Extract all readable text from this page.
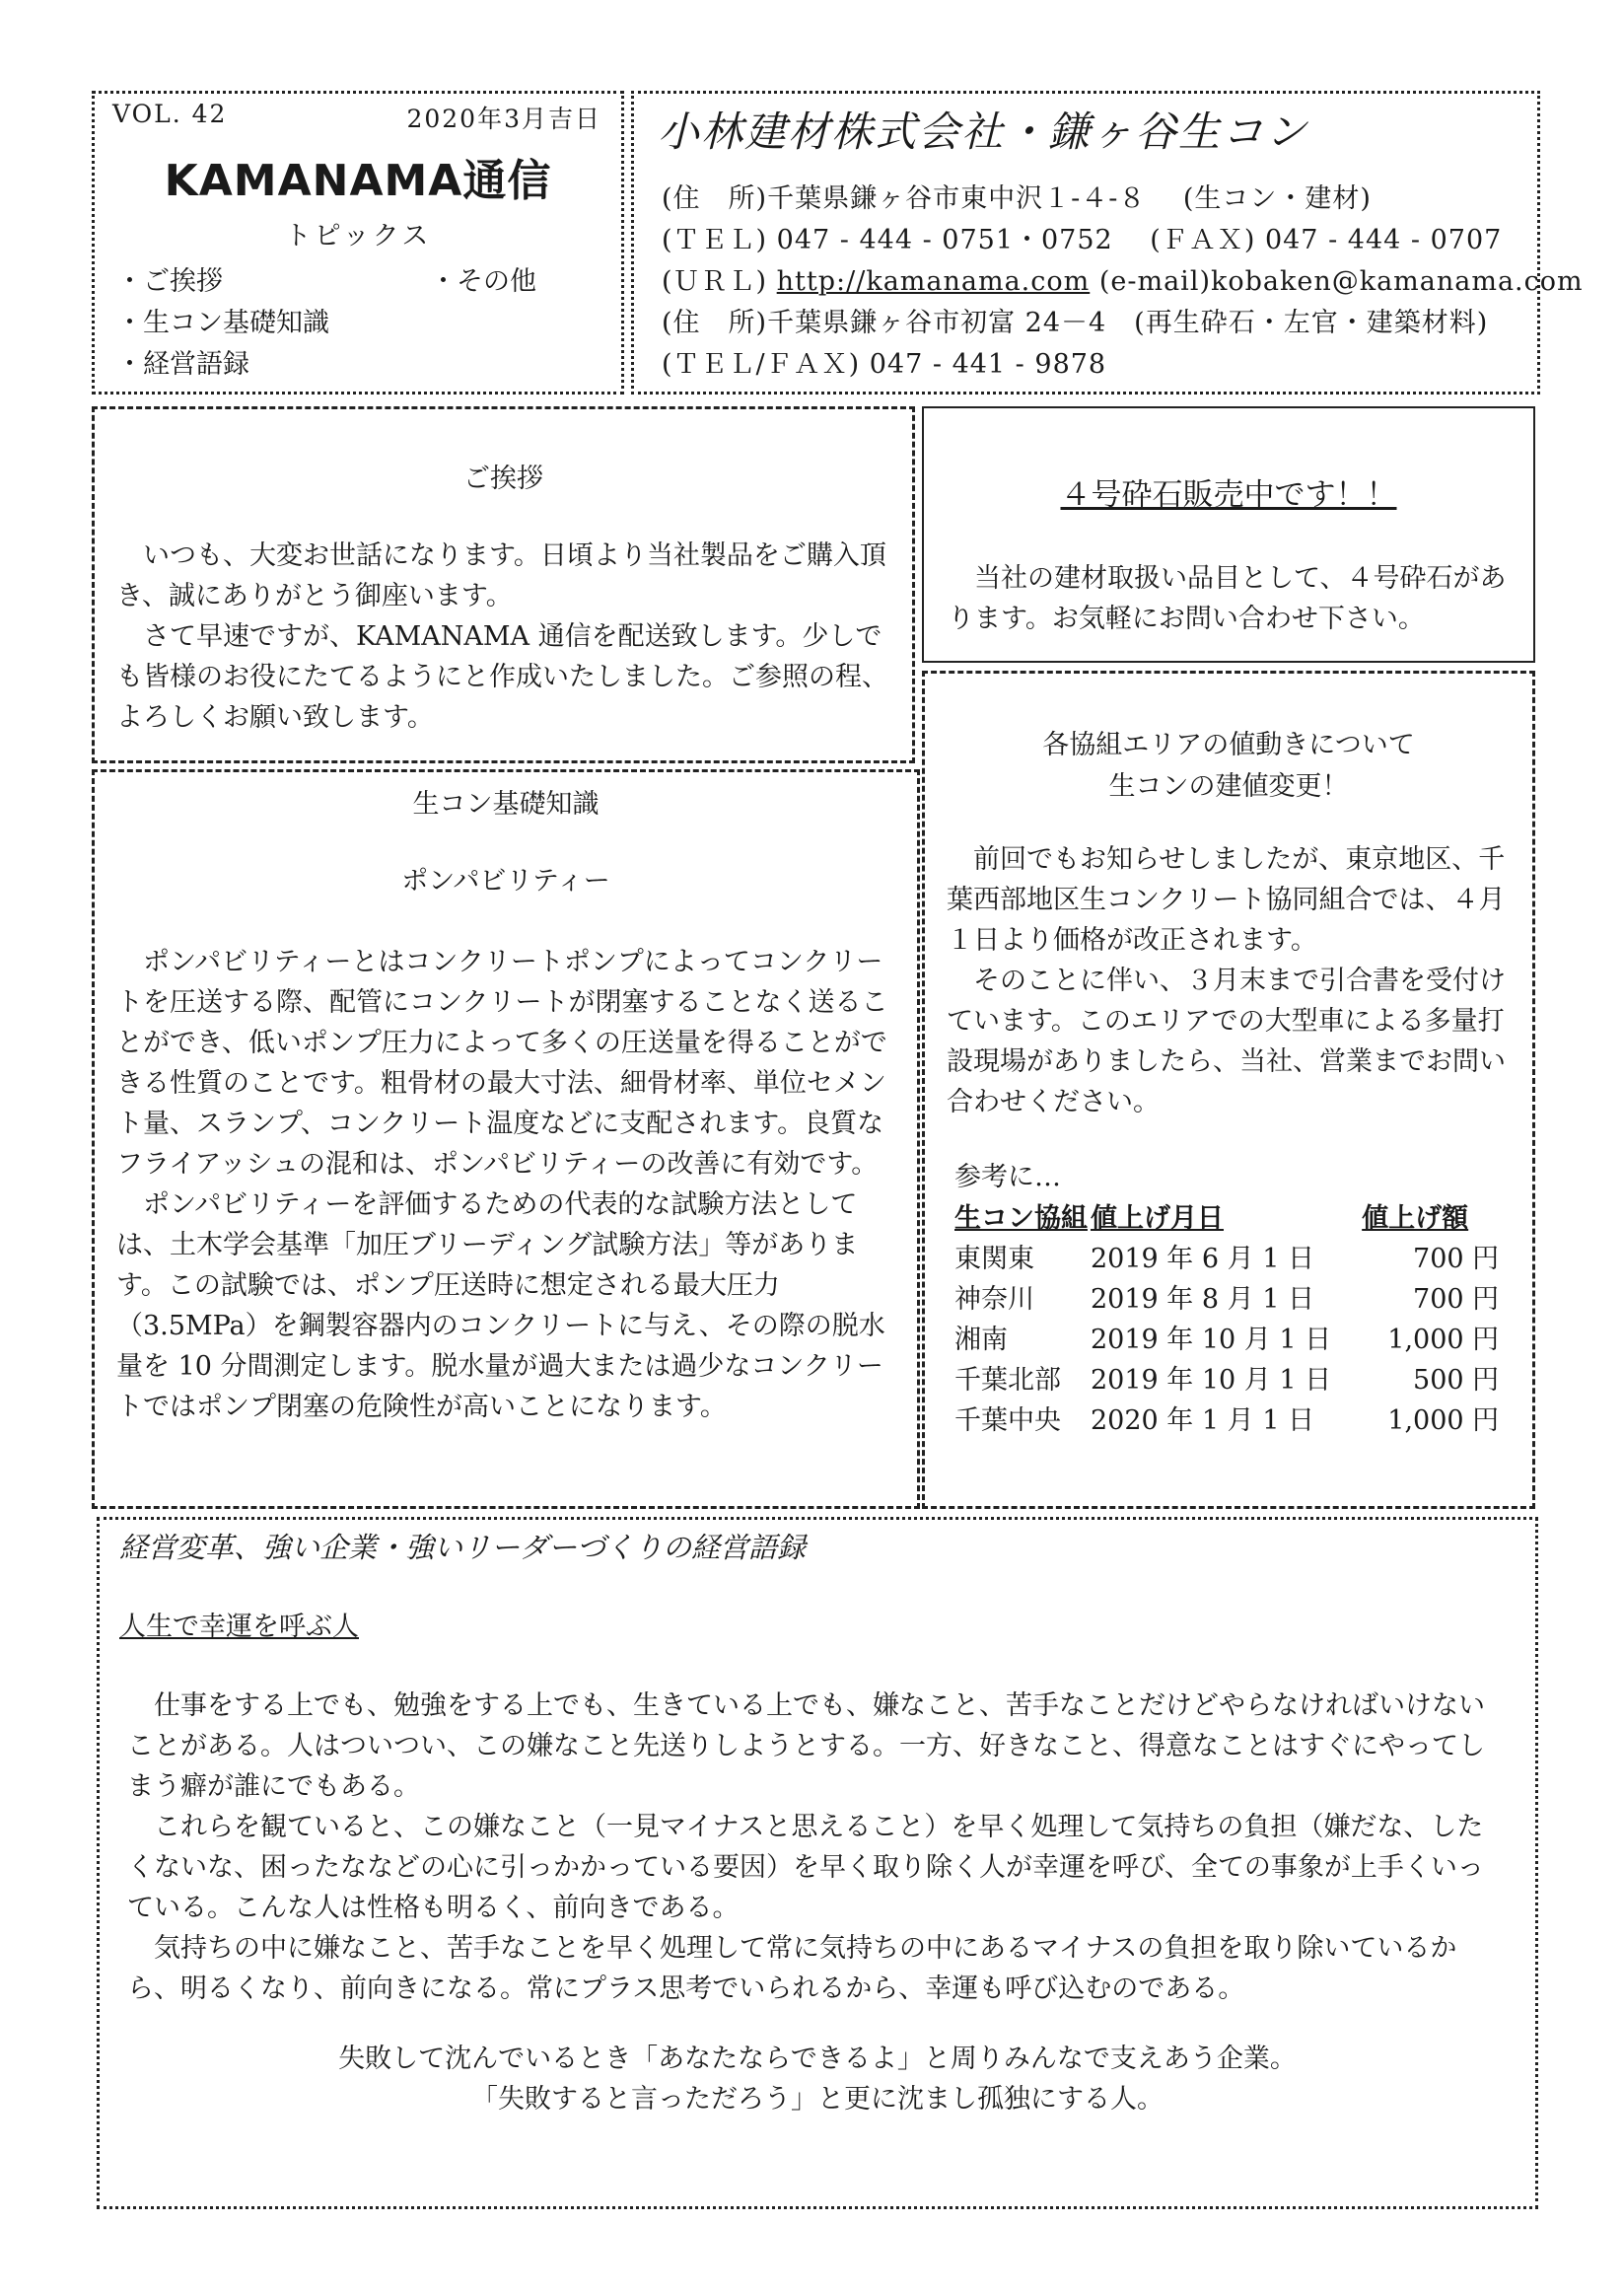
VOL. 42	2020年3月吉日
KAMANAMA通信
トピックス
・ご挨拶	・その他
・生コン基礎知識
・経営語録
小林建材株式会社・鎌ヶ谷生コン
(住　所)千葉県鎌ヶ谷市東中沢１-４-８　 (生コン・建材)
(ＴＥＬ) 047 - 444 - 0751・0752　 (ＦＡＸ) 047 - 444 - 0707
(ＵＲＬ) http://kamanama.com (e-mail)kobaken@kamanama.com
(住　所)千葉県鎌ヶ谷市初富 24－4　(再生砕石・左官・建築材料)
(ＴＥＬ/ＦＡＸ) 047 - 441 - 9878
ご挨拶

いつも、大変お世話になります。日頃より当社製品をご購入頂き、誠にありがとう御座います。

さて早速ですが、KAMANAMA 通信を配送致します。少しでも皆様のお役にたてるようにと作成いたしました。ご参照の程、よろしくお願い致します。

４号砕石販売中です！！

当社の建材取扱い品目として、４号砕石があります。お気軽にお問い合わせ下さい。

生コン基礎知識
ポンパビリティー

ポンパビリティーとはコンクリートポンプによってコンクリートを圧送する際、配管にコンクリートが閉塞することなく送ることができ、低いポンプ圧力によって多くの圧送量を得ることができる性質のことです。粗骨材の最大寸法、細骨材率、単位セメント量、スランプ、コンクリート温度などに支配されます。良質なフライアッシュの混和は、ポンパビリティーの改善に有効です。

ポンパビリティーを評価するための代表的な試験方法としては、土木学会基準「加圧ブリーディング試験方法」等があります。この試験では、ポンプ圧送時に想定される最大圧力（3.5MPa）を鋼製容器内のコンクリートに与え、その際の脱水量を 10 分間測定します。脱水量が過大または過少なコンクリートではポンプ閉塞の危険性が高いことになります。

各協組エリアの値動きについて
生コンの建値変更！

前回でもお知らせしましたが、東京地区、千葉西部地区生コンクリート協同組合では、４月１日より価格が改正されます。

そのことに伴い、３月末まで引合書を受付けています。このエリアでの大型車による多量打設現場がありましたら、当社、営業までお問い合わせください。

参考に…
生コン協組	値上げ月日	値上げ額
東関東	2019 年 6 月 1 日	700 円
神奈川	2019 年 8 月 1 日	700 円
湘南	2019 年 10 月 1 日	1,000 円
千葉北部	2019 年 10 月 1 日	500 円
千葉中央	2020 年 1 月 1 日	1,000 円
経営変革、強い企業・強いリーダーづくりの経営語録
人生で幸運を呼ぶ人

仕事をする上でも、勉強をする上でも、生きている上でも、嫌なこと、苦手なことだけどやらなければいけないことがある。人はついつい、この嫌なこと先送りしようとする。一方、好きなこと、得意なことはすぐにやってしまう癖が誰にでもある。

これらを観ていると、この嫌なこと（一見マイナスと思えること）を早く処理して気持ちの負担（嫌だな、したくないな、困ったななどの心に引っかかっている要因）を早く取り除く人が幸運を呼び、全ての事象が上手くいっている。こんな人は性格も明るく、前向きである。

気持ちの中に嫌なこと、苦手なことを早く処理して常に気持ちの中にあるマイナスの負担を取り除いているから、明るくなり、前向きになる。常にプラス思考でいられるから、幸運も呼び込むのである。

失敗して沈んでいるとき「あなたならできるよ」と周りみんなで支えあう企業。
「失敗すると言っただろう」と更に沈まし孤独にする人。
